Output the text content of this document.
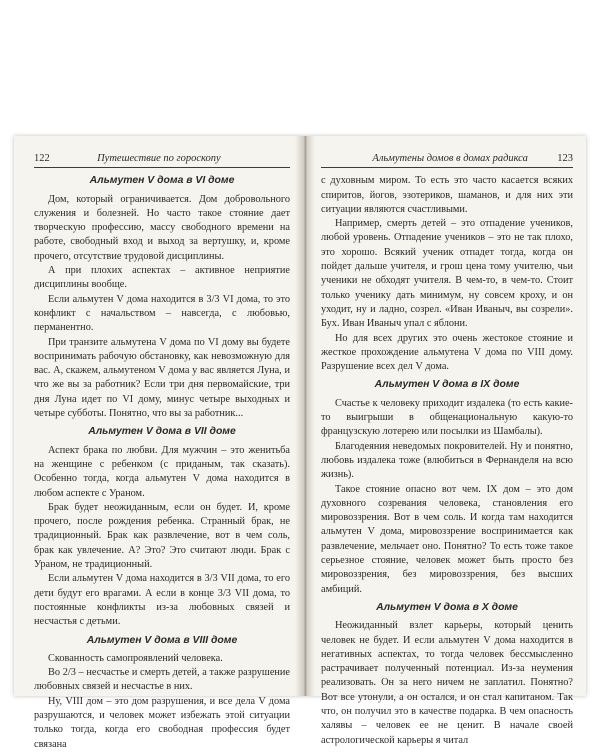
122	Путешествие по гороскопу
Альмутен V дома в VI доме

Дом, который ограничивается. Дом добровольного служения и болезней. Но часто такое стояние дает творческую профессию, массу свободного времени на работе, свободный вход и выход за вертушку, и, кроме прочего, отсутствие трудовой дисциплины.

А при плохих аспектах – активное неприятие дисциплины вообще.

Если альмутен V дома находится в 3/3 VI дома, то это конфликт с начальством – навсегда, с любовью, перманентно.

При транзите альмутена V дома по VI дому вы будете воспринимать рабочую обстановку, как невозможную для вас. А, скажем, альмутеном V дома у вас является Луна, и что же вы за работник? Если три дня первомайские, три дня Луна идет по VI дому, минус четыре выходных и четыре субботы. Понятно, что вы за работник...

Альмутен V дома в VII доме

Аспект брака по любви. Для мужчин – это женитьба на женщине с ребенком (с приданым, так сказать). Особенно тогда, когда альмутен V дома находится в любом аспекте с Ураном.

Брак будет неожиданным, если он будет. И, кроме прочего, после рождения ребенка. Странный брак, не традиционный. Брак как развлечение, вот в чем соль, брак как увлечение. А? Это? Это считают люди. Брак с Ураном, не традиционный.

Если альмутен V дома находится в 3/3 VII дома, то его дети будут его врагами. А если в конце 3/3 VII дома, то постоянные конфликты из-за любовных связей и несчастья с детьми.

Альмутен V дома в VIII доме

Скованность самопроявлений человека.

Во 2/3 – несчастье и смерть детей, а также разрушение любовных связей и несчастье в них.

Ну, VIII дом – это дом разрушения, и все дела V дома разрушаются, и человек может избежать этой ситуации только тогда, когда его свободная профессия будет связана

Альмутены домов в домах радикса	123

с духовным миром. То есть это часто касается всяких спиритов, йогов, эзотериков, шаманов, и для них эти ситуации являются счастливыми.

Например, смерть детей – это отпадение учеников, любой уровень. Отпадение учеников – это не так плохо, это хорошо. Всякий ученик отпадет тогда, когда он пойдет дальше учителя, и грош цена тому учителю, чьи ученики не обходят учителя. В чем-то, в чем-то. Стоит только ученику дать минимум, ну совсем кроху, и он уходит, ну и ладно, созрел. «Иван Иваныч, вы созрели». Бух. Иван Иваныч упал с яблони.

Но для всех других это очень жестокое стояние и жесткое прохождение альмутена V дома по VIII дому. Разрушение всех дел V дома.

Альмутен V дома в IX доме

Счастье к человеку приходит издалека (то есть какие-то выигрыши в общенациональную какую-то французскую лотерею или посылки из Шамбалы).

Благодеяния неведомых покровителей. Ну и понятно, любовь издалека тоже (влюбиться в Фернанделя на всю жизнь).

Такое стояние опасно вот чем. IX дом – это дом духовного созревания человека, становления его мировоззрения. Вот в чем соль. И когда там находится альмутен V дома, мировоззрение воспринимается как развлечение, мельчает оно. Понятно? То есть тоже такое серьезное стояние, человек может быть просто без мировоззрения, без мировоззрения, без высших амбиций.

Альмутен V дома в X доме

Неожиданный взлет карьеры, который ценить человек не будет. И если альмутен V дома находится в негативных аспектах, то тогда человек бессмысленно растрачивает полученный потенциал. Из-за неумения реализовать. Он за него ничем не заплатил. Понятно? Вот все утонули, а он остался, и он стал капитаном. Так что, он получил это в качестве подарка. В чем опасность халявы – человек ее не ценит. В начале своей астрологической карьеры я читал
